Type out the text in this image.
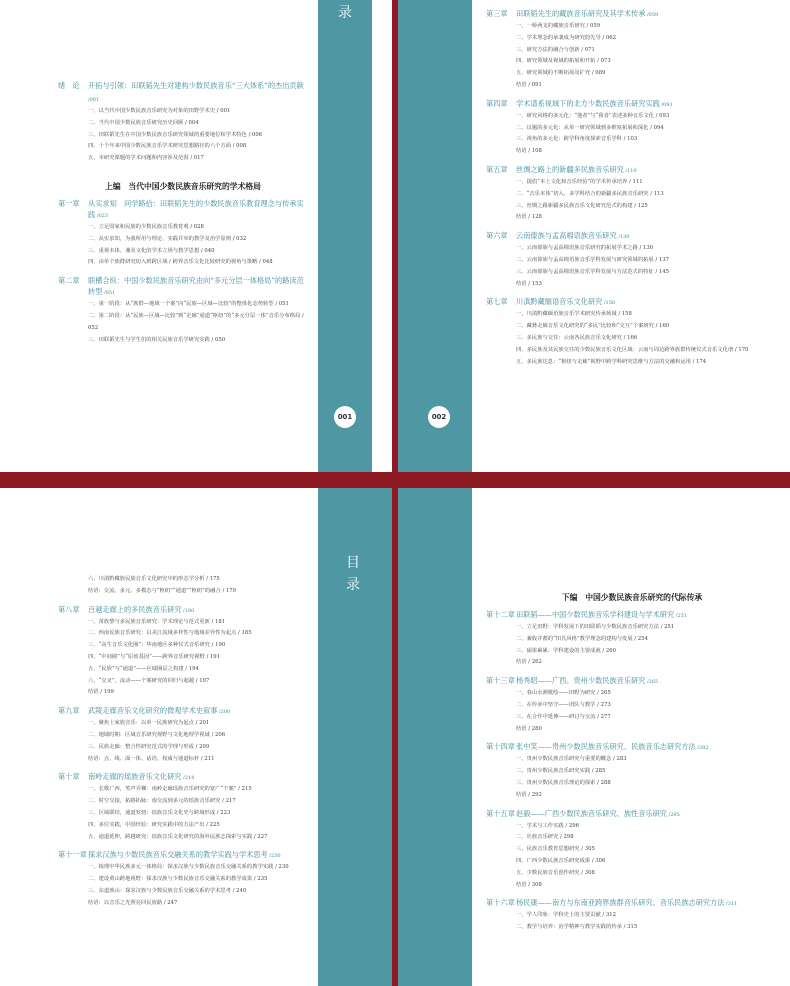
录
001
绪　论 开拓与引领：田联韬先生对建构少数民族音乐“三大体系”的杰出贡献 /001
一、以当代中国少数民族音乐研究为对象的田野学术史 / 001
二、当代中国少数民族音乐研究历史回顾 / 004
三、田联韬先生在中国少数民族音乐研究领域的重要地位和学术特色 / 006
四、十个年来中国少数民族音乐学术研究思想路径的六个方面 / 008
五、本研究课题的学术问题和内容涉及范围 / 017
上编　当代中国少数民族音乐研究的学术格局
第一章 从实求知　问学路拾：田联韬先生的少数民族音乐教育理念与传承实践 /023
一、立足国家和民族的少数民族音乐教育观 / 028
二、从实求知，为我所用与理论、实践并举的教学及治学原则 / 032
三、重视本体、兼及文化的学术立场与教学思想 / 040
四、由单个族群研究切入到跨区域 / 跨界音乐文化比较研究的视角与策略 / 048
第二章 联横合纵：中国少数民族音乐研究由向“多元分层一体格局”的路读范转型 /051
一、第一阶段：从“族群—地域一个案”向“民族—区域—比较”的整体化态势转型 / 051
二、第二阶段：从“民族—区域—比较”到“走廊”通道“枢纽”的“多元分层一体”音乐分布格局 / 052
三、田联韬先生与学生们的相关民族音乐学研究实践 / 050
002
第三章 田联韬先生的藏族音乐研究及其学术传承 /059
一、一桥两支的藏族音乐研究 / 059
二、学术理念的承袭成为研究的先导 / 062
三、研究方法的融合与创新 / 071
四、研究领域及视域的拓展和开拓 / 073
五、研究领域的不断拓展及扩充 / 089
结语 / 091
第四章 学术谱系视域下的北方少数民族音乐研究实践 /093
一、研究风格的多元化：“他者”与“我者”表述多种音乐文化 / 093
二、议题的多元化：从单一研究领域到多维度拓展和深化 / 094
三、视角的多元化：跨学科角度探索音乐学科 / 103
结语 / 108
第五章 丝绸之路上的新疆多民族音乐研究 /110
一、提倡“本土文化和音乐经验”的学术传承培养 / 111
二、“音乐本体”切入、多学科结合的新疆多民族音乐研究 / 113
三、丝绸之路新疆多民族音乐文化研究范式的构建 / 125
结语 / 128
第六章 云南傣族与孟高棉语族音乐研究 /130
一、云南傣族与孟高棉语族音乐研究的拓展学术之路 / 130
二、云南傣族与孟高棉语族音乐学科发展与研究领域的拓展 / 137
三、云南傣族与孟高棉语族音乐学科发展与方法范式的特征 / 145
结语 / 153
第七章 川滇黔藏缅语音乐文化研究 /156
一、川滇黔藏缅语族音乐学术研究传承场域 / 158
二、藏彝走廊音乐文化研究的“多民”比较和“交互”个案研究 / 160
三、多民族与交往：云南各民族音乐文化研究 / 166
四、多民族及其民族交往的少数民族音乐文化区域：云南与周边跨界族群传统仪式音乐文化谱 / 170
五、多民族达息：“枢纽与走廊”视野中跨学科研究思维与方法的交融和运用 / 174
目
录
六、川滇黔藏族民族音乐文化研究中的形态学分析 / 175
结语：交流、多元、多模态与“枢纽”“通道”“枢纽”的融合 / 179
第八章 百越走廊上的多民族音乐研究 /180
一、苗族黎与多民族音乐研究：学术理论与范式更新 / 181
二、西南民族音乐研究：以美江流域多样性与地域差异性为起点 / 185
三、“高生音乐文化圈”：华南地区多种仪式音乐研究 / 190
四、“中间圈”与“原始基因”——跨界音乐研究视野 / 191
五、“民族”与“通道”——区域圈层之构建 / 194
六、“交叉”、流动——个案研究的回归与超越 / 197
结语 / 199
第九章 武陵走廊音乐文化研究的微观学术史叙事 /200
一、聚焦土家族音乐：以单一民族研究为起点 / 201
二、地域时期：区域音乐研究视野与文化地理学视域 / 206
三、民族走廊：整合性研究范式的学理与形成 / 209
结语：点、线、面一体、话语、权威与通道标杆 / 211
第十章 南岭走廊的瑶族音乐文化研究 /214
一、长歌广西，笑声弄狮：南岭走廊瑶族音乐研究的宽广“个案” / 215
二、时空交接，拓路拓脉：南交流到多元的瑶族音乐研究 / 217
三、区域联结，通道发轫：瑶族音乐文化史与跨域形成 / 223
四、多位实践，中国经验：研究实践中的方法产出 / 225
五、通道延伸，跨越研究：瑶族音乐文化研究的海外民族志探索与实践 / 227
第十一章 探求汉族与少数民族音乐交融关系的教学实践与学术思考 /230
一、梳理中华民族多元一体格局：探求汉族与少数民族音乐交融关系的教学实践 / 230
二、建设黄山跨地视野：探求汉族与少数民族音乐交融关系的教学成果 / 235
三、东道族山：探求汉族与少数民族音乐交融关系的学术思考 / 240
结语：以音乐之光照亮回民族路 / 247
下编　中国少数民族音乐研究的代际传承
第十二章 田联韬——中国少数民族音乐学科建设与学术研究 /251
一、立足田野：学科发展下的田联韬与少数民族音乐研究方法 / 251
二、兼收并蓄的“田氏风格”教学理念的建构与发展 / 254
三、硕果累累：学科建设的主要成就 / 260
结语 / 262
第十三章 杨秀昭——广西、贵州少数民族音乐研究 /265
一、春山水测歌绘——田野为研究 / 265
二、在传承中坚守——团队与教学 / 273
三、在合作中延伸——研讨与交流 / 277
结语 / 280
第十四章 张中笑——贵州少数民族音乐研究、民族音乐志研究方法 /282
一、贵州少数民族音乐研究与重要的概念 / 283
二、贵州少数民族音乐研究实践 / 285
三、贵州少数民族音乐理论的探索 / 288
结语 / 292
第十五章 赵毅——广西少数民族音乐研究、族性音乐研究 /295
一、学术与工作实践 / 296
二、壮族音乐研究 / 298
三、民族音乐教育思想研究 / 305
四、广西少数民族音乐研究成果 / 306
五、少数民族音乐创作研究 / 308
结语 / 308
第十六章 杨民康——南方与东南亚跨界族群音乐研究、音乐民族志研究方法 /311
一、学人印象：学科史上的主要贡献 / 312
二、教学与培养：治学精神与教学实践的传承 / 315
